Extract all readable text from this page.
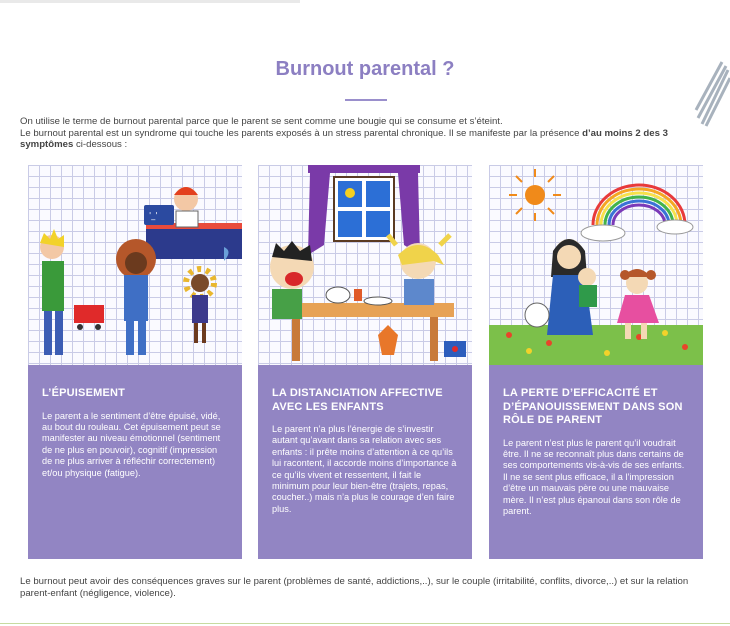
Burnout parental ?

On utilise le terme de burnout parental parce que le parent se sent comme une bougie qui se consume et s’éteint.

Le burnout parental est un syndrome qui touche les parents exposés à un stress parental chronique. Il se manifeste par la présence d’au moins 2 des 3 symptômes ci-dessous :

'_'
L’ÉPUISEMENT

Le parent a le sentiment d’être épuisé, vidé, au bout du rouleau. Cet épuisement peut se manifester au niveau émotionnel (sentiment de ne plus en pouvoir), cognitif (impression de ne plus arriver à réfléchir correctement) et/ou physique (fatigue).

LA DISTANCIATION AFFECTIVE AVEC LES ENFANTS

Le parent n’a plus l’énergie de s’investir autant qu’avant dans sa relation avec ses enfants : il prête moins d’attention à ce qu’ils lui racontent, il accorde moins d’importance à ce qu’ils vivent et ressentent, il fait le minimum pour leur bien-être (trajets, repas, coucher..) mais n’a plus le courage d’en faire plus.

LA PERTE D’EFFICACITÉ ET D’ÉPANOUISSEMENT DANS SON RÔLE DE PARENT

Le parent n’est plus le parent qu’il voudrait être. Il ne se reconnaît plus dans certains de ses comportements vis-à-vis de ses enfants. Il ne se sent plus efficace, il a l’impression d’être un mauvais père ou une mauvaise mère. Il n’est plus épanoui dans son rôle de parent.

Le burnout peut avoir des conséquences graves sur le parent (problèmes de santé, addictions,..), sur le couple (irritabilité, conflits, divorce,..) et sur la relation parent-enfant (négligence, violence).
